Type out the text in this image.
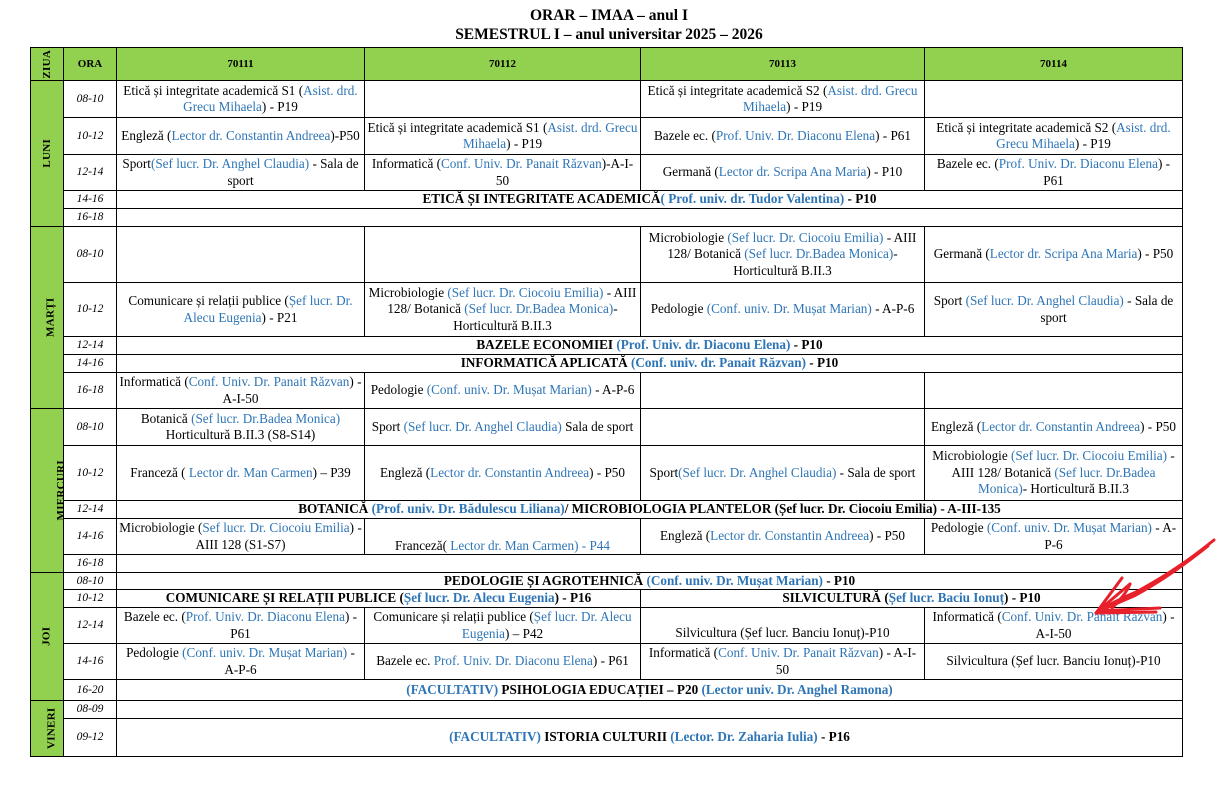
ORAR – IMAA – anul I
SEMESTRUL I – anul universitar 2025 – 2026
ZIUA	ORA	70111	70112	70113	70114
LUNI	08-10	Etică și integritate academică S1 (Asist. drd. Grecu Mihaela) - P19		Etică și integritate academică S2 (Asist. drd. Grecu Mihaela) - P19	
	10-12	Engleză (Lector dr. Constantin Andreea)-P50	Etică și integritate academică S1 (Asist. drd. Grecu Mihaela) - P19	Bazele ec. (Prof. Univ. Dr. Diaconu Elena) - P61	Etică și integritate academică S2 (Asist. drd. Grecu Mihaela) - P19
	12-14	Sport(Sef lucr. Dr. Anghel Claudia) - Sala de sport	Informatică (Conf. Univ. Dr. Panait Răzvan)-A-I-50	Germană (Lector dr. Scripa Ana Maria) - P10	Bazele ec. (Prof. Univ. Dr. Diaconu Elena) - P61
	14-16	ETICĂ ȘI INTEGRITATE ACADEMICĂ( Prof. univ. dr. Tudor Valentina) - P10			
	16-18				
MARȚI	08-10			Microbiologie (Sef lucr. Dr. Ciocoiu Emilia) - AIII 128/ Botanică (Sef lucr. Dr.Badea Monica)- Horticultură B.II.3	Germană (Lector dr. Scripa Ana Maria) - P50
	10-12	Comunicare și relații publice (Șef lucr. Dr. Alecu Eugenia) - P21	Microbiologie (Sef lucr. Dr. Ciocoiu Emilia) - AIII 128/ Botanică (Sef lucr. Dr.Badea Monica)- Horticultură B.II.3	Pedologie (Conf. univ. Dr. Mușat Marian) - A-P-6	Sport (Sef lucr. Dr. Anghel Claudia) - Sala de sport
	12-14	BAZELE ECONOMIEI (Prof. Univ. dr. Diaconu Elena) - P10			
	14-16	INFORMATICĂ APLICATĂ (Conf. univ. dr. Panait Răzvan) - P10			
	16-18	Informatică (Conf. Univ. Dr. Panait Răzvan) - A-I-50	Pedologie (Conf. univ. Dr. Mușat Marian) - A-P-6		
MIERCURI	08-10	Botanică (Sef lucr. Dr.Badea Monica) Horticultură B.II.3 (S8-S14)	Sport (Sef lucr. Dr. Anghel Claudia) Sala de sport		Engleză (Lector dr. Constantin Andreea) - P50
	10-12	Franceză ( Lector dr. Man Carmen) – P39	Engleză (Lector dr. Constantin Andreea) - P50	Sport(Sef lucr. Dr. Anghel Claudia) - Sala de sport	Microbiologie (Sef lucr. Dr. Ciocoiu Emilia) - AIII 128/ Botanică (Sef lucr. Dr.Badea Monica)- Horticultură B.II.3
	12-14	BOTANICĂ (Prof. univ. Dr. Bădulescu Liliana)/ MICROBIOLOGIA PLANTELOR (Șef lucr. Dr. Ciocoiu Emilia) - A-III-135			
	14-16	Microbiologie (Sef lucr. Dr. Ciocoiu Emilia) - AIII 128 (S1-S7)	Franceză( Lector dr. Man Carmen) - P44	Engleză (Lector dr. Constantin Andreea) - P50	Pedologie (Conf. univ. Dr. Mușat Marian) - A-P-6
	16-18				
JOI	08-10	PEDOLOGIE ȘI AGROTEHNICĂ (Conf. univ. Dr. Mușat Marian) - P10			
	10-12	COMUNICARE ȘI RELAȚII PUBLICE (Șef lucr. Dr. Alecu Eugenia) - P16		SILVICULTURĂ (Șef lucr. Baciu Ionuț) - P10	
	12-14	Bazele ec. (Prof. Univ. Dr. Diaconu Elena) - P61	Comunicare și relații publice (Șef lucr. Dr. Alecu Eugenia) – P42	Silvicultura (Șef lucr. Banciu Ionuț)-P10	Informatică (Conf. Univ. Dr. Panait Răzvan) - A-I-50
	14-16	Pedologie (Conf. univ. Dr. Mușat Marian) - A-P-6	Bazele ec. Prof. Univ. Dr. Diaconu Elena) - P61	Informatică (Conf. Univ. Dr. Panait Răzvan) - A-I-50	Silvicultura (Șef lucr. Banciu Ionuț)-P10
	16-20	(FACULTATIV) PSIHOLOGIA EDUCAȚIEI – P20 (Lector univ. Dr. Anghel Ramona)			
VINERI	08-09				
	09-12	(FACULTATIV) ISTORIA CULTURII (Lector. Dr. Zaharia Iulia) - P16			
